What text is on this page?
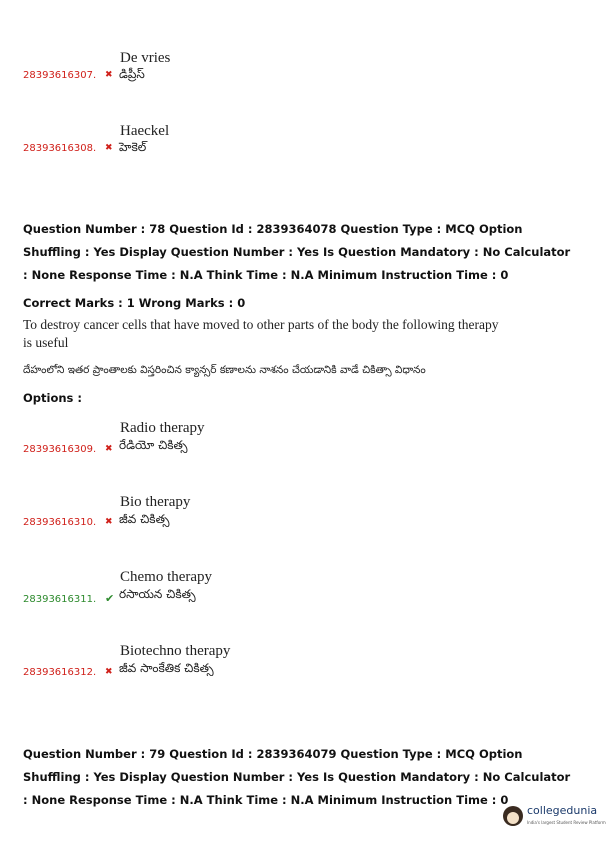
De vries
28393616307. ✖ డిప్రీస్
Haeckel
28393616308. ✖ హెకెల్
Question Number : 78 Question Id : 2839364078 Question Type : MCQ Option Shuffling : Yes Display Question Number : Yes Is Question Mandatory : No Calculator : None Response Time : N.A Think Time : N.A Minimum Instruction Time : 0
Correct Marks : 1 Wrong Marks : 0
To destroy cancer cells that have moved to other parts of the body the following therapy
is useful
దేహంలోని ఇతర ప్రాంతాలకు విస్తరించిన క్యాన్సర్ కణాలను నాశనం చేయడానికి వాడే చికిత్సా విధానం
Options :
Radio therapy
28393616309. ✖ రేడియో చికిత్స
Bio therapy
28393616310. ✖ జీవ చికిత్స
Chemo therapy
28393616311. ✔ రసాయన చికిత్స
Biotechno therapy
28393616312. ✖ జీవ సాంకేతిక చికిత్స
Question Number : 79 Question Id : 2839364079 Question Type : MCQ Option Shuffling : Yes Display Question Number : Yes Is Question Mandatory : No Calculator : None Response Time : N.A Think Time : N.A Minimum Instruction Time : 0
collegedunia
India's largest Student Review Platform
